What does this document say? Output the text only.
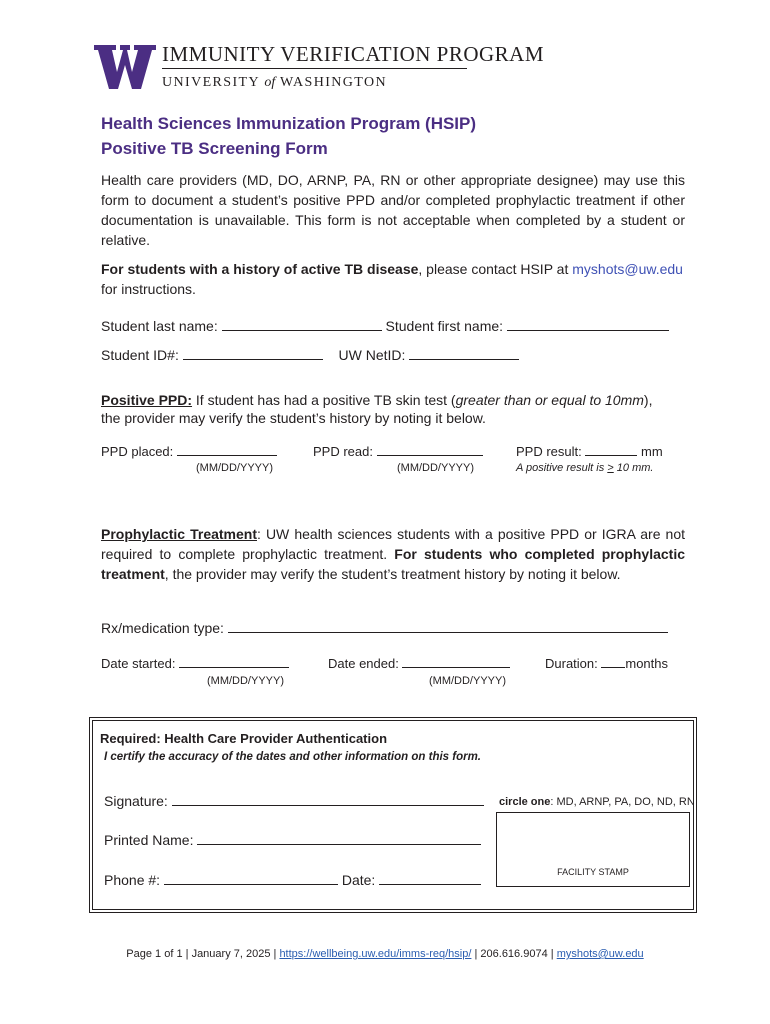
IMMUNITY VERIFICATION PROGRAM
UNIVERSITY of WASHINGTON
Health Sciences Immunization Program (HSIP)
Positive TB Screening Form
Health care providers (MD, DO, ARNP, PA, RN or other appropriate designee) may use this form to document a student’s positive PPD and/or completed prophylactic treatment if other documentation is unavailable. This form is not acceptable when completed by a student or relative.
For students with a history of active TB disease, please contact HSIP at myshots@uw.edu
for instructions.
Student last name:	Student first name:
Student ID#:	UW NetID:
Positive PPD: If student has had a positive TB skin test (greater than or equal to 10mm),
the provider may verify the student’s history by noting it below.
PPD placed:	PPD read:	PPD result:	mm
(MM/DD/YYYY)	(MM/DD/YYYY)	A positive result is > 10 mm.
Prophylactic Treatment: UW health sciences students with a positive PPD or IGRA are not required to complete prophylactic treatment. For students who completed prophylactic treatment, the provider may verify the student’s treatment history by noting it below.
Rx/medication type:
Date started:	Date ended:	Duration: months
(MM/DD/YYYY)	(MM/DD/YYYY)
Required: Health Care Provider Authentication
I certify the accuracy of the dates and other information on this form.
Signature:	circle one: MD, ARNP, PA, DO, ND, RN
Printed Name:
Phone #:	Date:	FACILITY STAMP
Page 1 of 1 | January 7, 2025 | https://wellbeing.uw.edu/imms-req/hsip/ | 206.616.9074 | myshots@uw.edu
